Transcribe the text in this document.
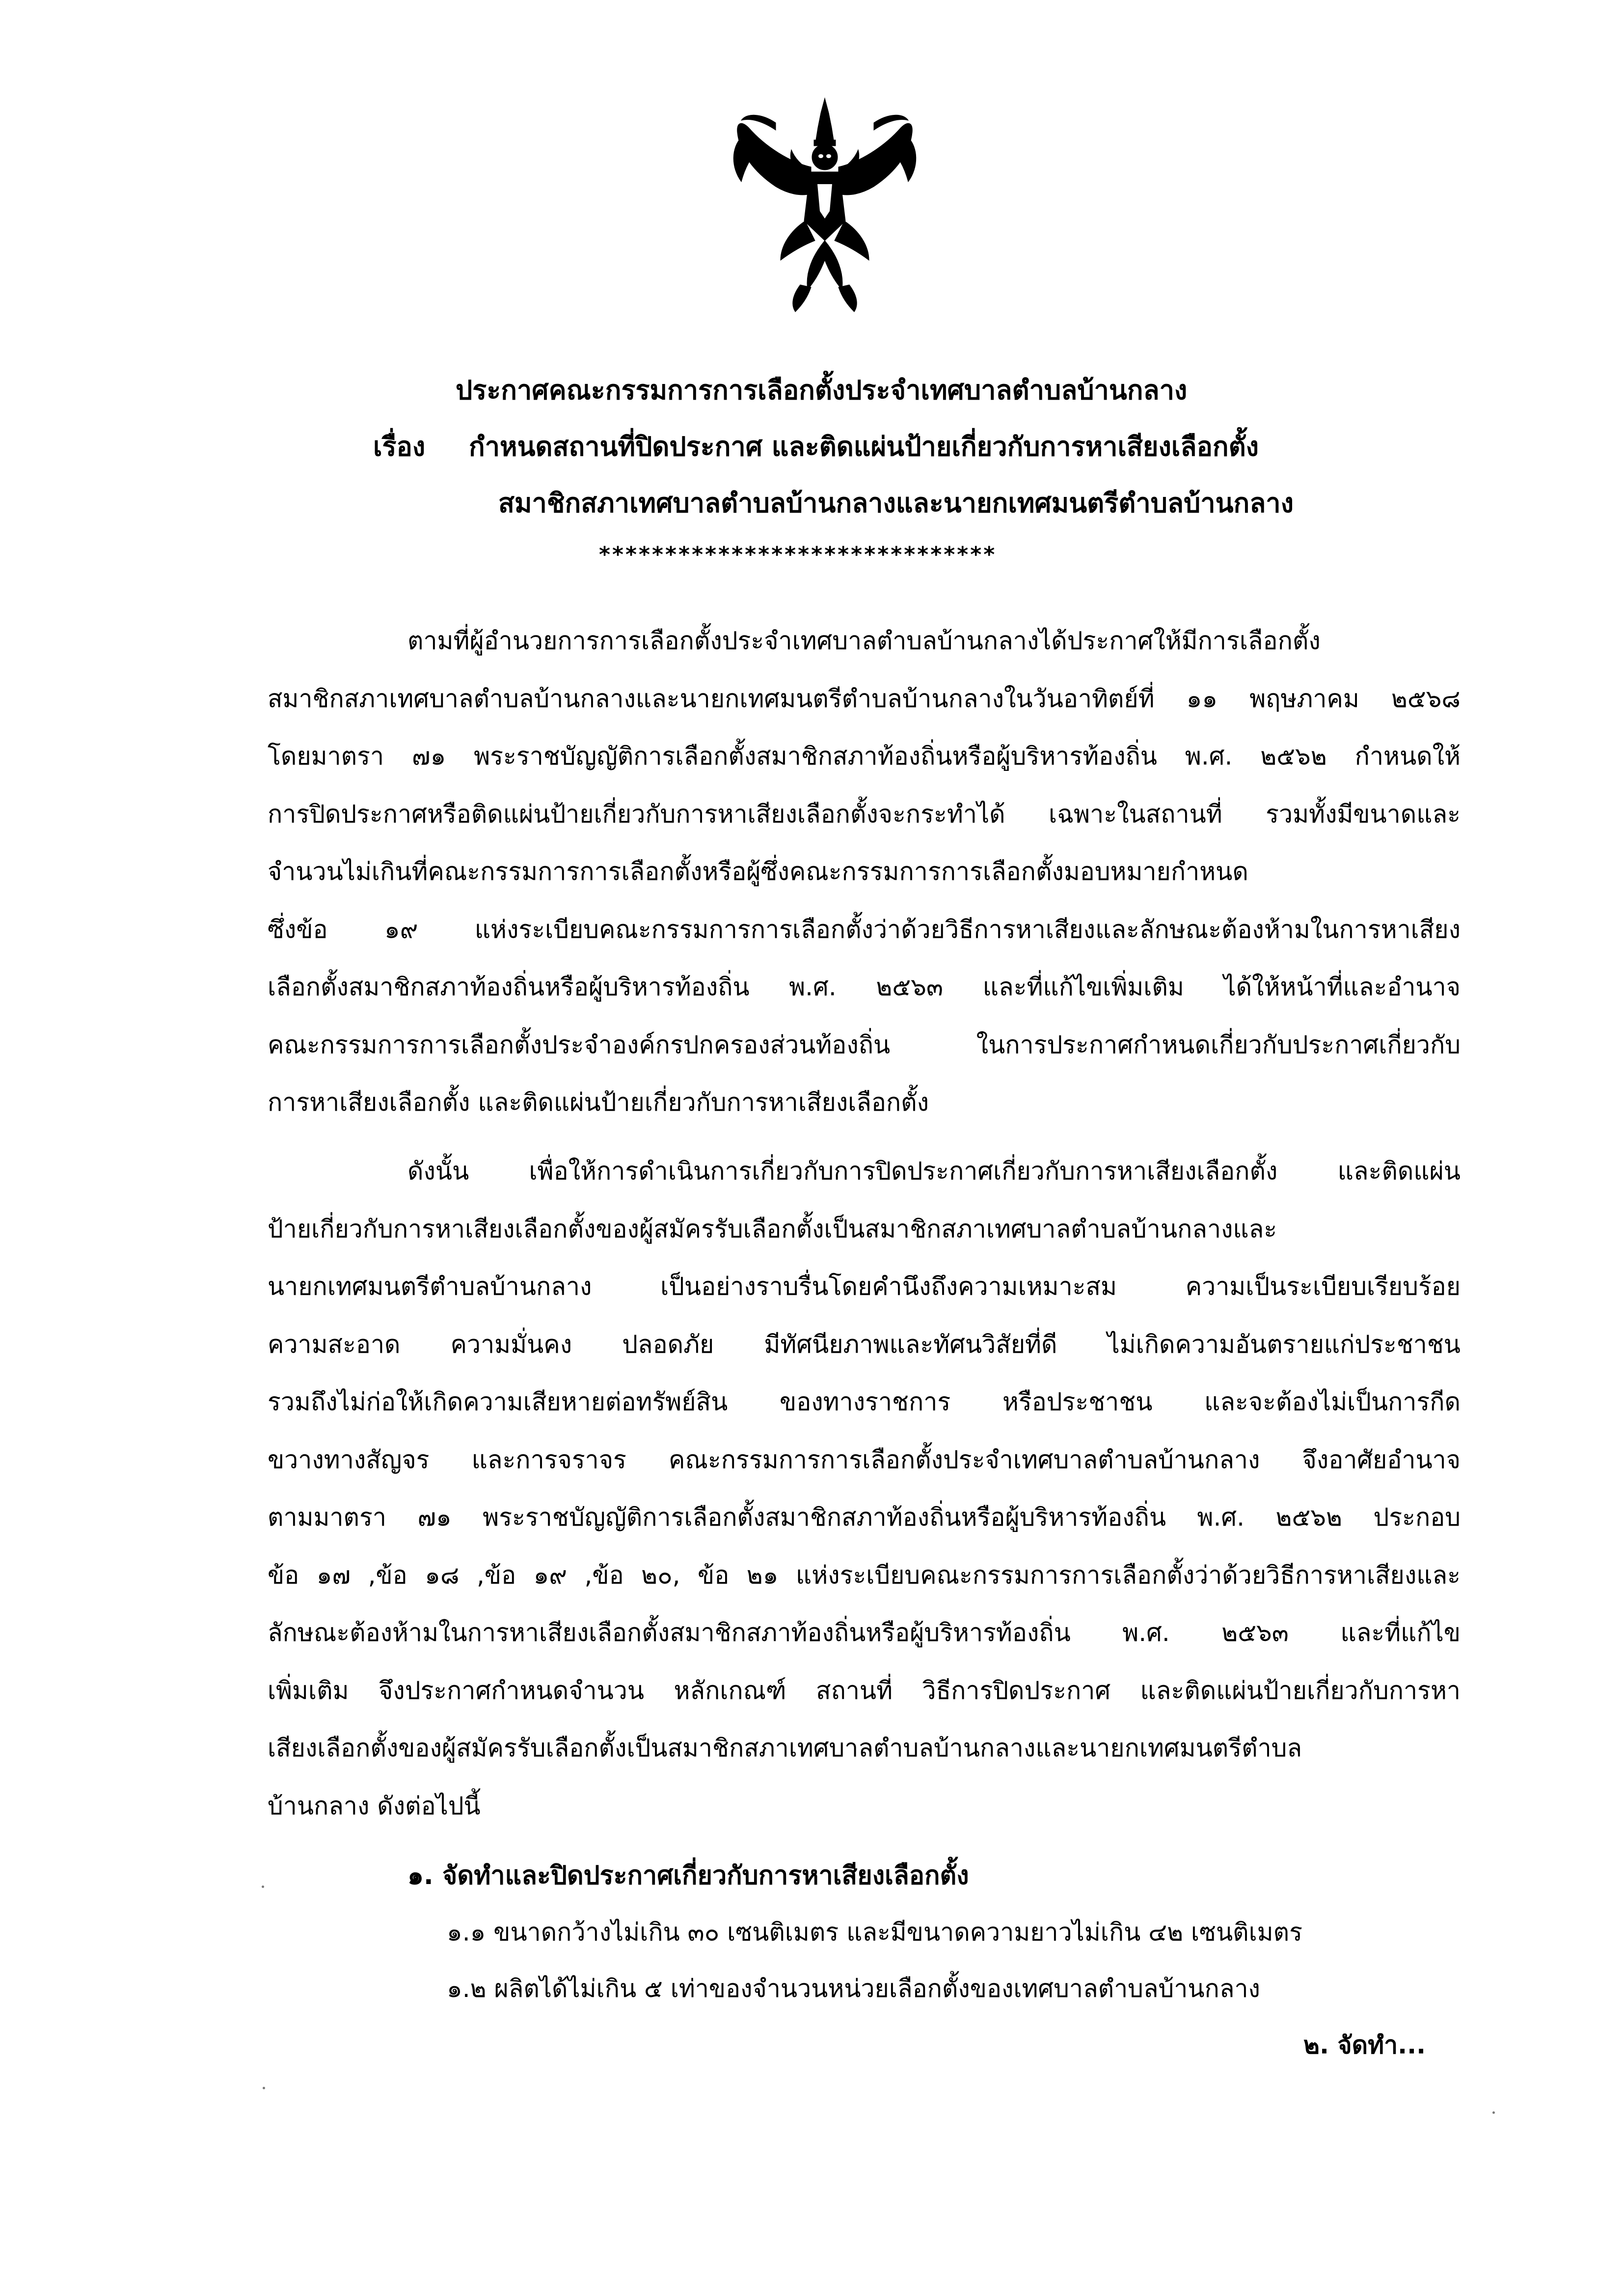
ประกาศคณะกรรมการการเลือกตั้งประจำเทศบาลตำบลบ้านกลาง
เรื่อง กำหนดสถานที่ปิดประกาศ และติดแผ่นป้ายเกี่ยวกับการหาเสียงเลือกตั้ง
สมาชิกสภาเทศบาลตำบลบ้านกลางและนายกเทศมนตรีตำบลบ้านกลาง
******************************
ตามที่ผู้อำนวยการการเลือกตั้งประจำเทศบาลตำบลบ้านกลางได้ประกาศให้มีการเลือกตั้ง
สมาชิกสภาเทศบาลตำบลบ้านกลางและนายกเทศมนตรีตำบลบ้านกลางในวันอาทิตย์ที่ ๑๑ พฤษภาคม ๒๕๖๘
โดยมาตรา ๗๑ พระราชบัญญัติการเลือกตั้งสมาชิกสภาท้องถิ่นหรือผู้บริหารท้องถิ่น พ.ศ. ๒๕๖๒ กำหนดให้
การปิดประกาศหรือติดแผ่นป้ายเกี่ยวกับการหาเสียงเลือกตั้งจะกระทำได้ เฉพาะในสถานที่ รวมทั้งมีขนาดและ
จำนวนไม่เกินที่คณะกรรมการการเลือกตั้งหรือผู้ซึ่งคณะกรรมการการเลือกตั้งมอบหมายกำหนด
ซึ่งข้อ ๑๙ แห่งระเบียบคณะกรรมการการเลือกตั้งว่าด้วยวิธีการหาเสียงและลักษณะต้องห้ามในการหาเสียง
เลือกตั้งสมาชิกสภาท้องถิ่นหรือผู้บริหารท้องถิ่น พ.ศ. ๒๕๖๓ และที่แก้ไขเพิ่มเติม ได้ให้หน้าที่และอำนาจ
คณะกรรมการการเลือกตั้งประจำองค์กรปกครองส่วนท้องถิ่น ในการประกาศกำหนดเกี่ยวกับประกาศเกี่ยวกับ
การหาเสียงเลือกตั้ง และติดแผ่นป้ายเกี่ยวกับการหาเสียงเลือกตั้ง
ดังนั้น เพื่อให้การดำเนินการเกี่ยวกับการปิดประกาศเกี่ยวกับการหาเสียงเลือกตั้ง และติดแผ่น
ป้ายเกี่ยวกับการหาเสียงเลือกตั้งของผู้สมัครรับเลือกตั้งเป็นสมาชิกสภาเทศบาลตำบลบ้านกลางและ
นายกเทศมนตรีตำบลบ้านกลาง เป็นอย่างราบรื่นโดยคำนึงถึงความเหมาะสม ความเป็นระเบียบเรียบร้อย
ความสะอาด ความมั่นคง ปลอดภัย มีทัศนียภาพและทัศนวิสัยที่ดี ไม่เกิดความอันตรายแก่ประชาชน
รวมถึงไม่ก่อให้เกิดความเสียหายต่อทรัพย์สิน ของทางราชการ หรือประชาชน และจะต้องไม่เป็นการกีด
ขวางทางสัญจร และการจราจร คณะกรรมการการเลือกตั้งประจำเทศบาลตำบลบ้านกลาง จึงอาศัยอำนาจ
ตามมาตรา ๗๑ พระราชบัญญัติการเลือกตั้งสมาชิกสภาท้องถิ่นหรือผู้บริหารท้องถิ่น พ.ศ. ๒๕๖๒ ประกอบ
ข้อ ๑๗ ,ข้อ ๑๘ ,ข้อ ๑๙ ,ข้อ ๒๐, ข้อ ๒๑ แห่งระเบียบคณะกรรมการการเลือกตั้งว่าด้วยวิธีการหาเสียงและ
ลักษณะต้องห้ามในการหาเสียงเลือกตั้งสมาชิกสภาท้องถิ่นหรือผู้บริหารท้องถิ่น พ.ศ. ๒๕๖๓ และที่แก้ไข
เพิ่มเติม จึงประกาศกำหนดจำนวน หลักเกณฑ์ สถานที่ วิธีการปิดประกาศ และติดแผ่นป้ายเกี่ยวกับการหา
เสียงเลือกตั้งของผู้สมัครรับเลือกตั้งเป็นสมาชิกสภาเทศบาลตำบลบ้านกลางและนายกเทศมนตรีตำบล
บ้านกลาง ดังต่อไปนี้
๑. จัดทำและปิดประกาศเกี่ยวกับการหาเสียงเลือกตั้ง
๑.๑ ขนาดกว้างไม่เกิน ๓๐ เซนติเมตร และมีขนาดความยาวไม่เกิน ๔๒ เซนติเมตร
๑.๒ ผลิตได้ไม่เกิน ๕ เท่าของจำนวนหน่วยเลือกตั้งของเทศบาลตำบลบ้านกลาง
๒. จัดทำ...
